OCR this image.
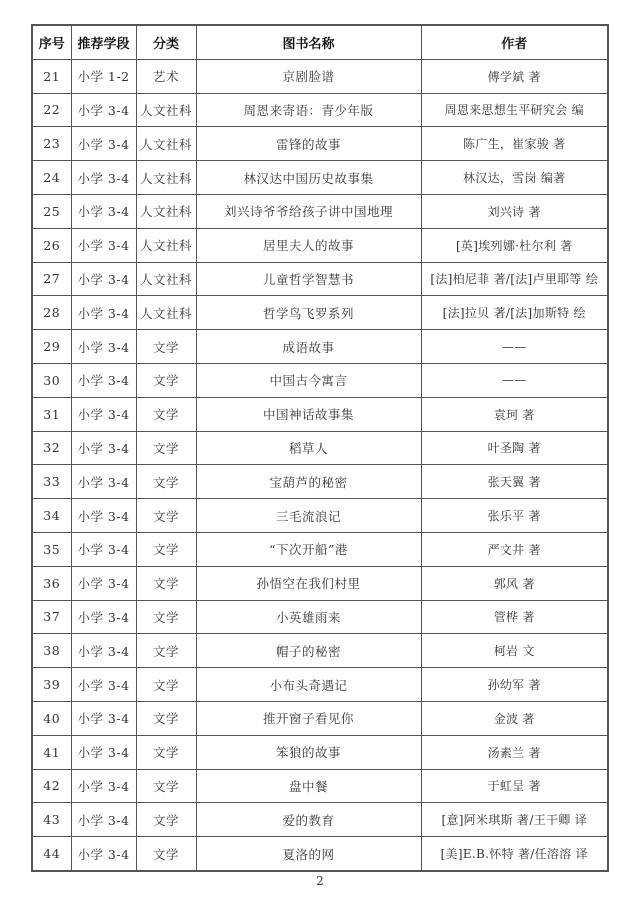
序号	推荐学段	分类	图书名称	作者
21	小学 1-2	艺术	京剧脸谱	傅学斌 著
22	小学 3-4	人文社科	周恩来寄语：青少年版	周恩来思想生平研究会 编
23	小学 3-4	人文社科	雷锋的故事	陈广生，崔家骏 著
24	小学 3-4	人文社科	林汉达中国历史故事集	林汉达，雪岗 编著
25	小学 3-4	人文社科	刘兴诗爷爷给孩子讲中国地理	刘兴诗 著
26	小学 3-4	人文社科	居里夫人的故事	[英]埃列娜·杜尔利 著
27	小学 3-4	人文社科	儿童哲学智慧书	[法]柏尼菲 著/[法]卢里耶等 绘
28	小学 3-4	人文社科	哲学鸟飞罗系列	[法]拉贝 著/[法]加斯特 绘
29	小学 3-4	文学	成语故事	——
30	小学 3-4	文学	中国古今寓言	——
31	小学 3-4	文学	中国神话故事集	袁珂 著
32	小学 3-4	文学	稻草人	叶圣陶 著
33	小学 3-4	文学	宝葫芦的秘密	张天翼 著
34	小学 3-4	文学	三毛流浪记	张乐平 著
35	小学 3-4	文学	“下次开船”港	严文井 著
36	小学 3-4	文学	孙悟空在我们村里	郭风 著
37	小学 3-4	文学	小英雄雨来	管桦 著
38	小学 3-4	文学	帽子的秘密	柯岩 文
39	小学 3-4	文学	小布头奇遇记	孙幼军 著
40	小学 3-4	文学	推开窗子看见你	金波 著
41	小学 3-4	文学	笨狼的故事	汤素兰 著
42	小学 3-4	文学	盘中餐	于虹呈 著
43	小学 3-4	文学	爱的教育	[意]阿米琪斯 著/王干卿 译
44	小学 3-4	文学	夏洛的网	[美]E.B.怀特 著/任溶溶 译
2
